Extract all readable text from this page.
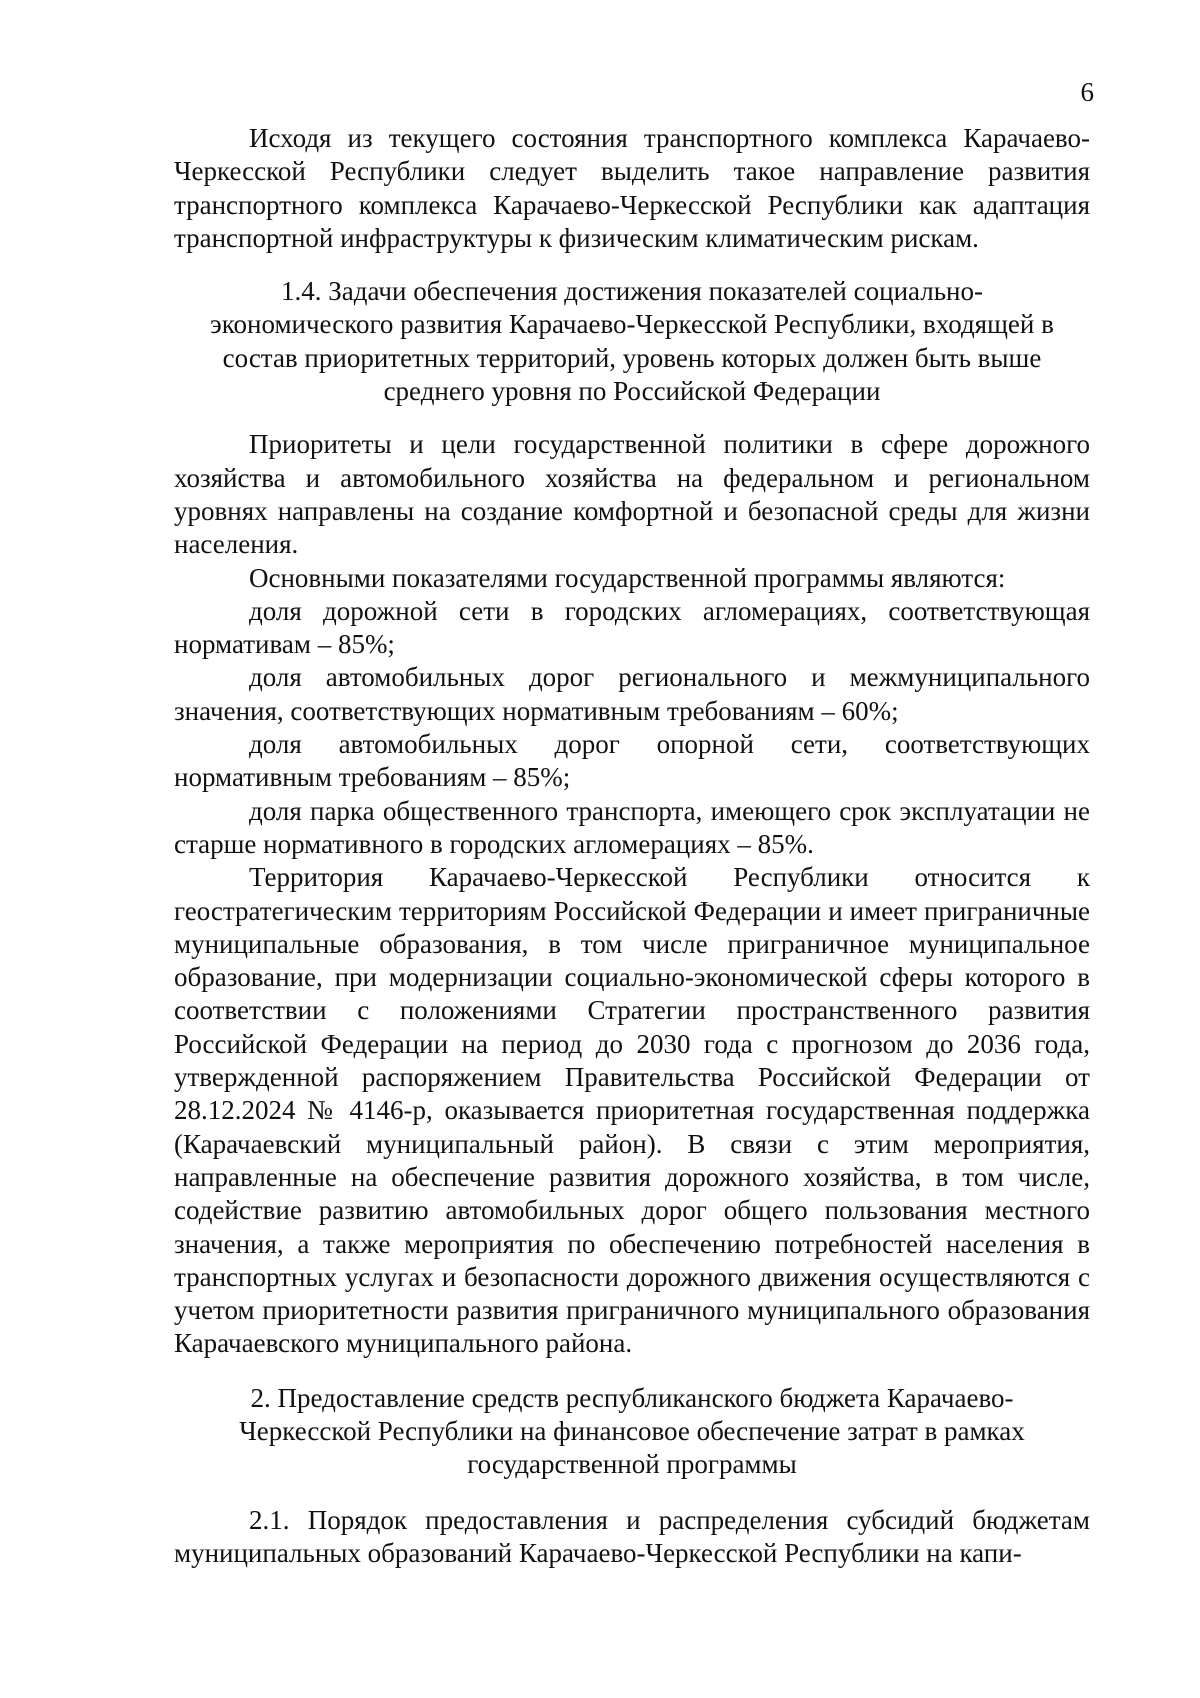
6

Исходя из текущего состояния транспортного комплекса Карачаево-Черкесской Республики следует выделить такое направление развития транспортного комплекса Карачаево-Черкесской Республики как адаптация транспортной инфраструктуры к физическим климатическим рискам.

1.4. Задачи обеспечения достижения показателей социально-экономического развития Карачаево-Черкесской Республики, входящей в состав приоритетных территорий, уровень которых должен быть выше среднего уровня по Российской Федерации

Приоритеты и цели государственной политики в сфере дорожного хозяйства и автомобильного хозяйства на федеральном и региональном уровнях направлены на создание комфортной и безопасной среды для жизни населения.

Основными показателями государственной программы являются:

доля дорожной сети в городских агломерациях, соответствующая нормативам – 85%;

доля автомобильных дорог регионального и межмуниципального значения, соответствующих нормативным требованиям – 60%;

доля автомобильных дорог опорной сети, соответствующих нормативным требованиям – 85%;

доля парка общественного транспорта, имеющего срок эксплуатации не старше нормативного в городских агломерациях – 85%.

Территория Карачаево-Черкесской Республики относится к геостратегическим территориям Российской Федерации и имеет приграничные муниципальные образования, в том числе приграничное муниципальное образование, при модернизации социально-экономической сферы которого в соответствии с положениями Стратегии пространственного развития Российской Федерации на период до 2030 года с прогнозом до 2036 года, утвержденной распоряжением Правительства Российской Федерации от 28.12.2024 № 4146-р, оказывается приоритетная государственная поддержка (Карачаевский муниципальный район). В связи с этим мероприятия, направленные на обеспечение развития дорожного хозяйства, в том числе, содействие развитию автомобильных дорог общего пользования местного значения, а также мероприятия по обеспечению потребностей населения в транспортных услугах и безопасности дорожного движения осуществляются с учетом приоритетности развития приграничного муниципального образования Карачаевского муниципального района.

2. Предоставление средств республиканского бюджета Карачаево-Черкесской Республики на финансовое обеспечение затрат в рамках государственной программы

2.1. Порядок предоставления и распределения субсидий бюджетам муниципальных образований Карачаево-Черкесской Республики на капи-
